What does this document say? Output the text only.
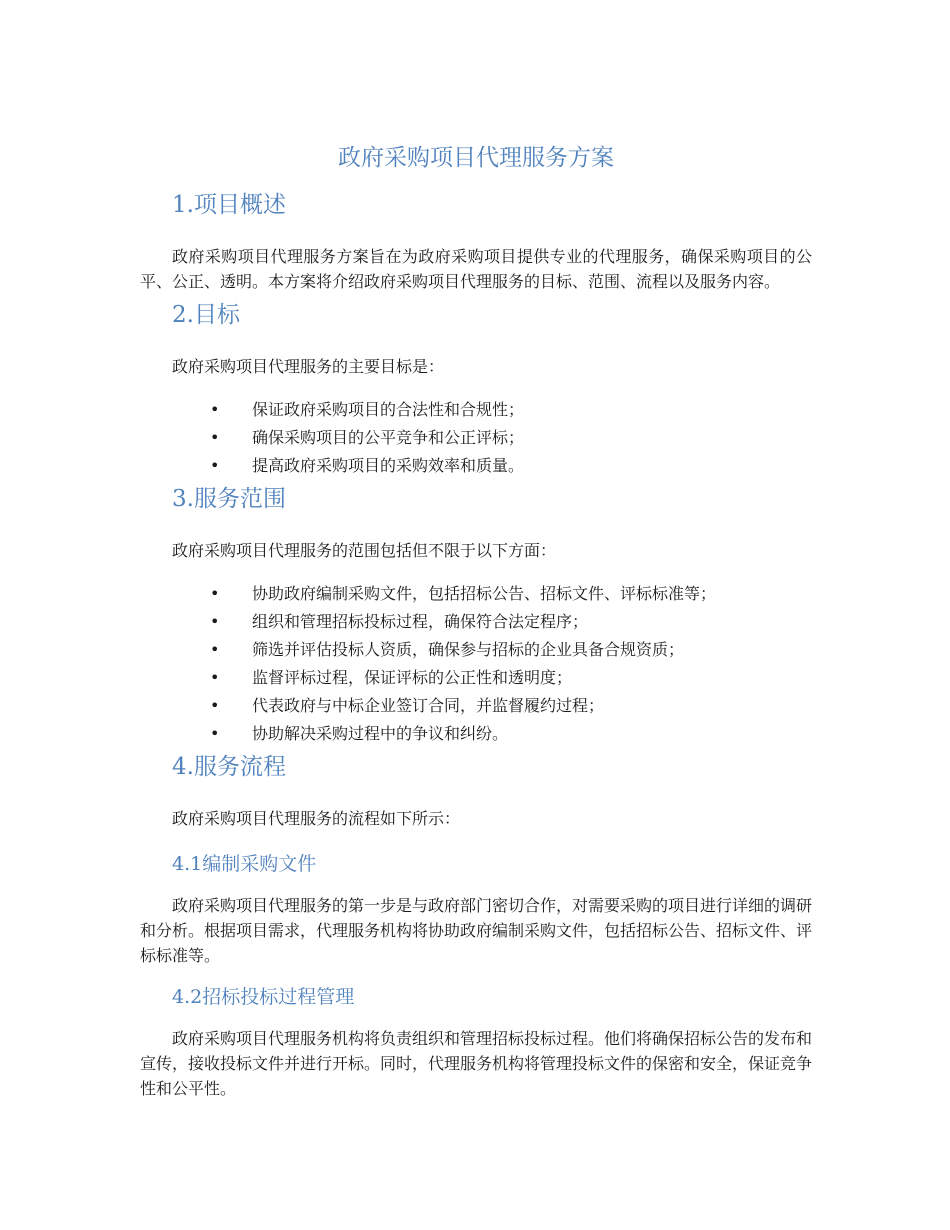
政府采购项目代理服务方案
1.项目概述

政府采购项目代理服务方案旨在为政府采购项目提供专业的代理服务，确保采购项目的公平、公正、透明。本方案将介绍政府采购项目代理服务的目标、范围、流程以及服务内容。

2.目标

政府采购项目代理服务的主要目标是：

• 保证政府采购项目的合法性和合规性；
• 确保采购项目的公平竞争和公正评标；
• 提高政府采购项目的采购效率和质量。
3.服务范围

政府采购项目代理服务的范围包括但不限于以下方面：

• 协助政府编制采购文件，包括招标公告、招标文件、评标标准等；
• 组织和管理招标投标过程，确保符合法定程序；
• 筛选并评估投标人资质，确保参与招标的企业具备合规资质；
• 监督评标过程，保证评标的公正性和透明度；
• 代表政府与中标企业签订合同，并监督履约过程；
• 协助解决采购过程中的争议和纠纷。
4.服务流程

政府采购项目代理服务的流程如下所示：

4.1编制采购文件

政府采购项目代理服务的第一步是与政府部门密切合作，对需要采购的项目进行详细的调研和分析。根据项目需求，代理服务机构将协助政府编制采购文件，包括招标公告、招标文件、评标标准等。

4.2招标投标过程管理

政府采购项目代理服务机构将负责组织和管理招标投标过程。他们将确保招标公告的发布和宣传，接收投标文件并进行开标。同时，代理服务机构将管理投标文件的保密和安全，保证竞争性和公平性。
